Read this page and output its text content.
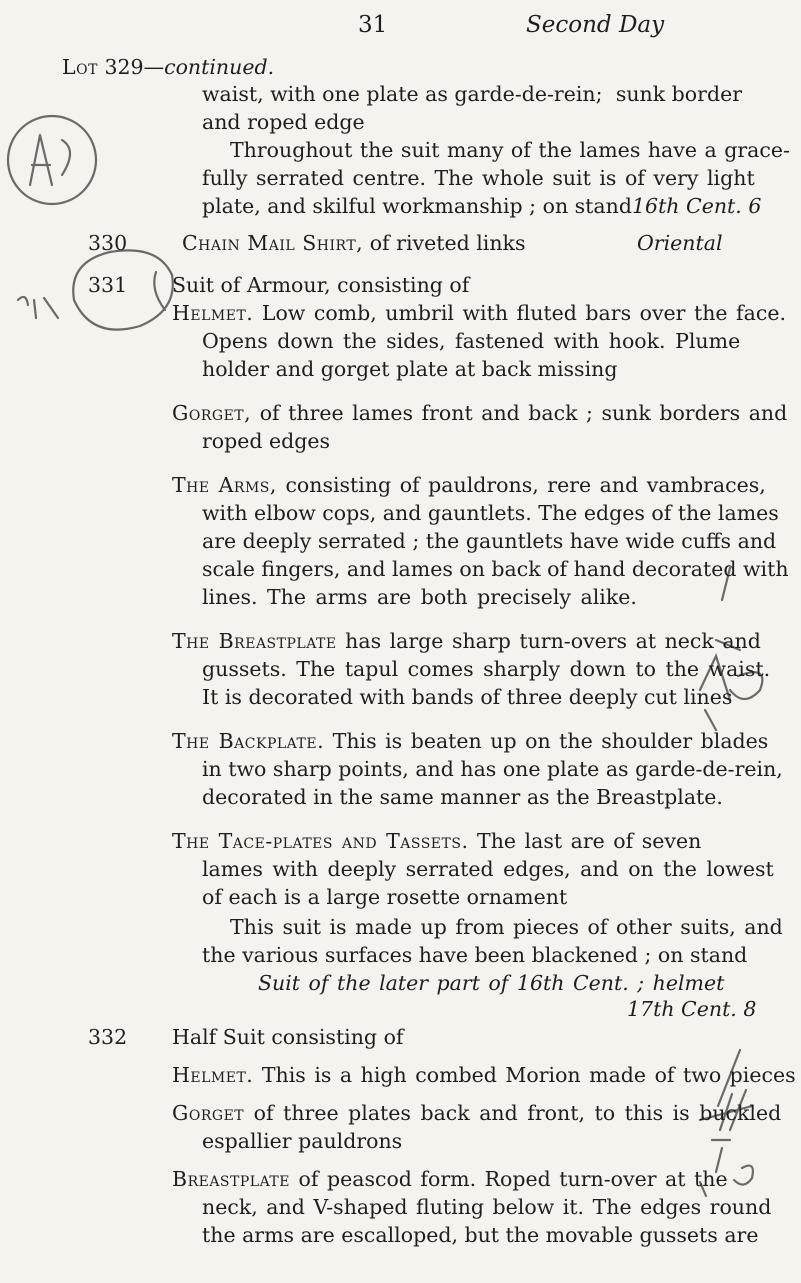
31	Second Day
Lot 329—continued.
waist, with one plate as garde-de-rein; sunk border
and roped edge
Throughout the suit many of the lames have a grace-
fully serrated centre. The whole suit is of very light
plate, and skilful workmanship ; on stand 16th Cent. 6
330	Chain Mail Shirt, of riveted links	Oriental
331 Suit of Armour, consisting of
Helmet. Low comb, umbril with fluted bars over the face.
Opens down the sides, fastened with hook. Plume
holder and gorget plate at back missing
Gorget, of three lames front and back ; sunk borders and
roped edges
The Arms, consisting of pauldrons, rere and vambraces,
with elbow cops, and gauntlets. The edges of the lames
are deeply serrated ; the gauntlets have wide cuffs and
scale fingers, and lames on back of hand decorated with
lines. The arms are both precisely alike.
The Breastplate has large sharp turn-overs at neck and
gussets. The tapul comes sharply down to the waist.
It is decorated with bands of three deeply cut lines
The Backplate. This is beaten up on the shoulder blades
in two sharp points, and has one plate as garde-de-rein,
decorated in the same manner as the Breastplate.
The Tace-plates and Tassets. The last are of seven
lames with deeply serrated edges, and on the lowest
of each is a large rosette ornament
This suit is made up from pieces of other suits, and
the various surfaces have been blackened ; on stand
Suit of the later part of 16th Cent. ; helmet
17th Cent. 8
332 Half Suit consisting of
Helmet. This is a high combed Morion made of two pieces
Gorget of three plates back and front, to this is buckled
espallier pauldrons
Breastplate of peascod form. Roped turn-over at the
neck, and V-shaped fluting below it. The edges round
the arms are escalloped, but the movable gussets are
